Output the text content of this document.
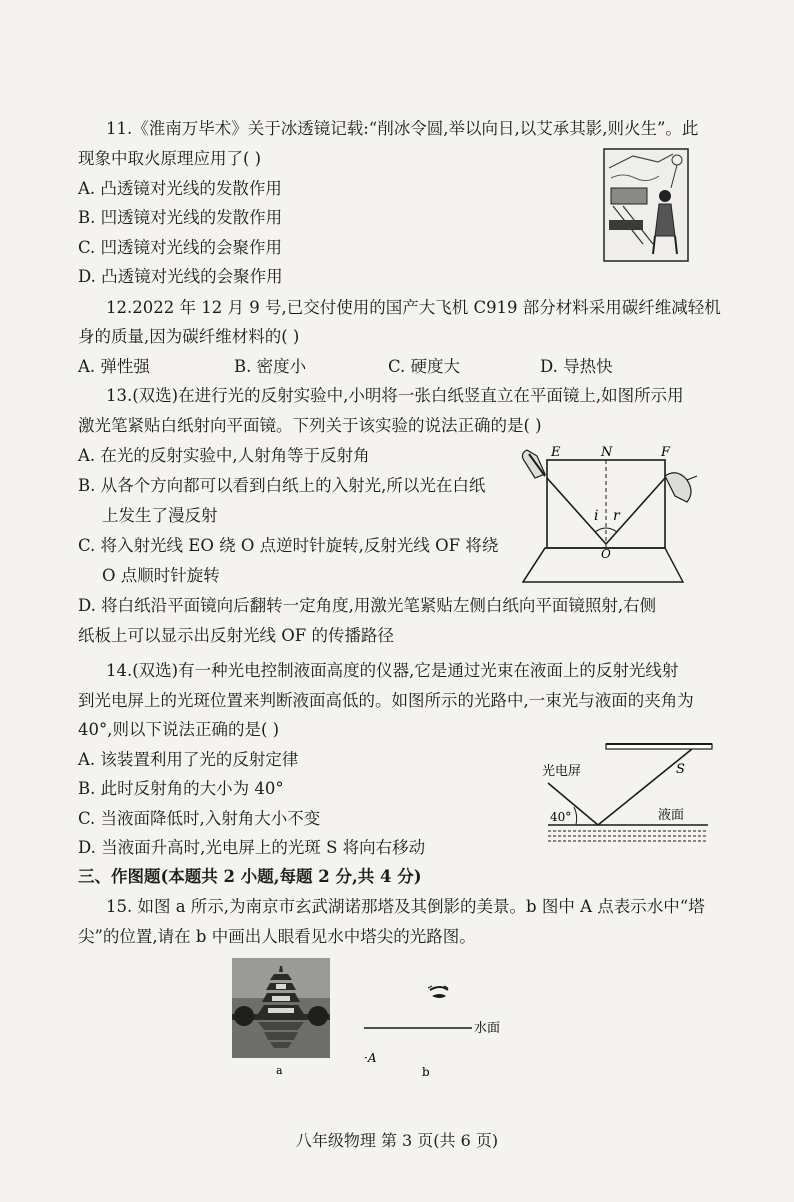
11.《淮南万毕术》关于冰透镜记载:“削冰令圆,举以向日,以艾承其影,则火生”。此
现象中取火原理应用了( )
A. 凸透镜对光线的发散作用
B. 凹透镜对光线的发散作用
C. 凹透镜对光线的会聚作用
D. 凸透镜对光线的会聚作用
12.2022 年 12 月 9 号,已交付使用的国产大飞机 C919 部分材料采用碳纤维减轻机
身的质量,因为碳纤维材料的( )
A. 弹性强	B. 密度小	C. 硬度大	D. 导热快
13.(双选)在进行光的反射实验中,小明将一张白纸竖直立在平面镜上,如图所示用
激光笔紧贴白纸射向平面镜。下列关于该实验的说法正确的是( )
A. 在光的反射实验中,人射角等于反射角
B. 从各个方向都可以看到白纸上的入射光,所以光在白纸
上发生了漫反射
C. 将入射光线 EO 绕 O 点逆时针旋转,反射光线 OF 将绕
O 点顺时针旋转
D. 将白纸沿平面镜向后翻转一定角度,用激光笔紧贴左侧白纸向平面镜照射,右侧
纸板上可以显示出反射光线 OF 的传播路径
E	N	F
i r
O
14.(双选)有一种光电控制液面高度的仪器,它是通过光束在液面上的反射光线射
到光电屏上的光斑位置来判断液面高低的。如图所示的光路中,一束光与液面的夹角为
40°,则以下说法正确的是( )
A. 该装置利用了光的反射定律
B. 此时反射角的大小为 40°
C. 当液面降低时,入射角大小不变
D. 当液面升高时,光电屏上的光斑 S 将向右移动
光电屏	S
40°	液面
三、作图题(本题共 2 小题,每题 2 分,共 4 分)
15. 如图 a 所示,为南京市玄武湖诺那塔及其倒影的美景。b 图中 A 点表示水中“塔
尖”的位置,请在 b 中画出人眼看见水中塔尖的光路图。
a
水面
·A
b
八年级物理 第 3 页(共 6 页)
